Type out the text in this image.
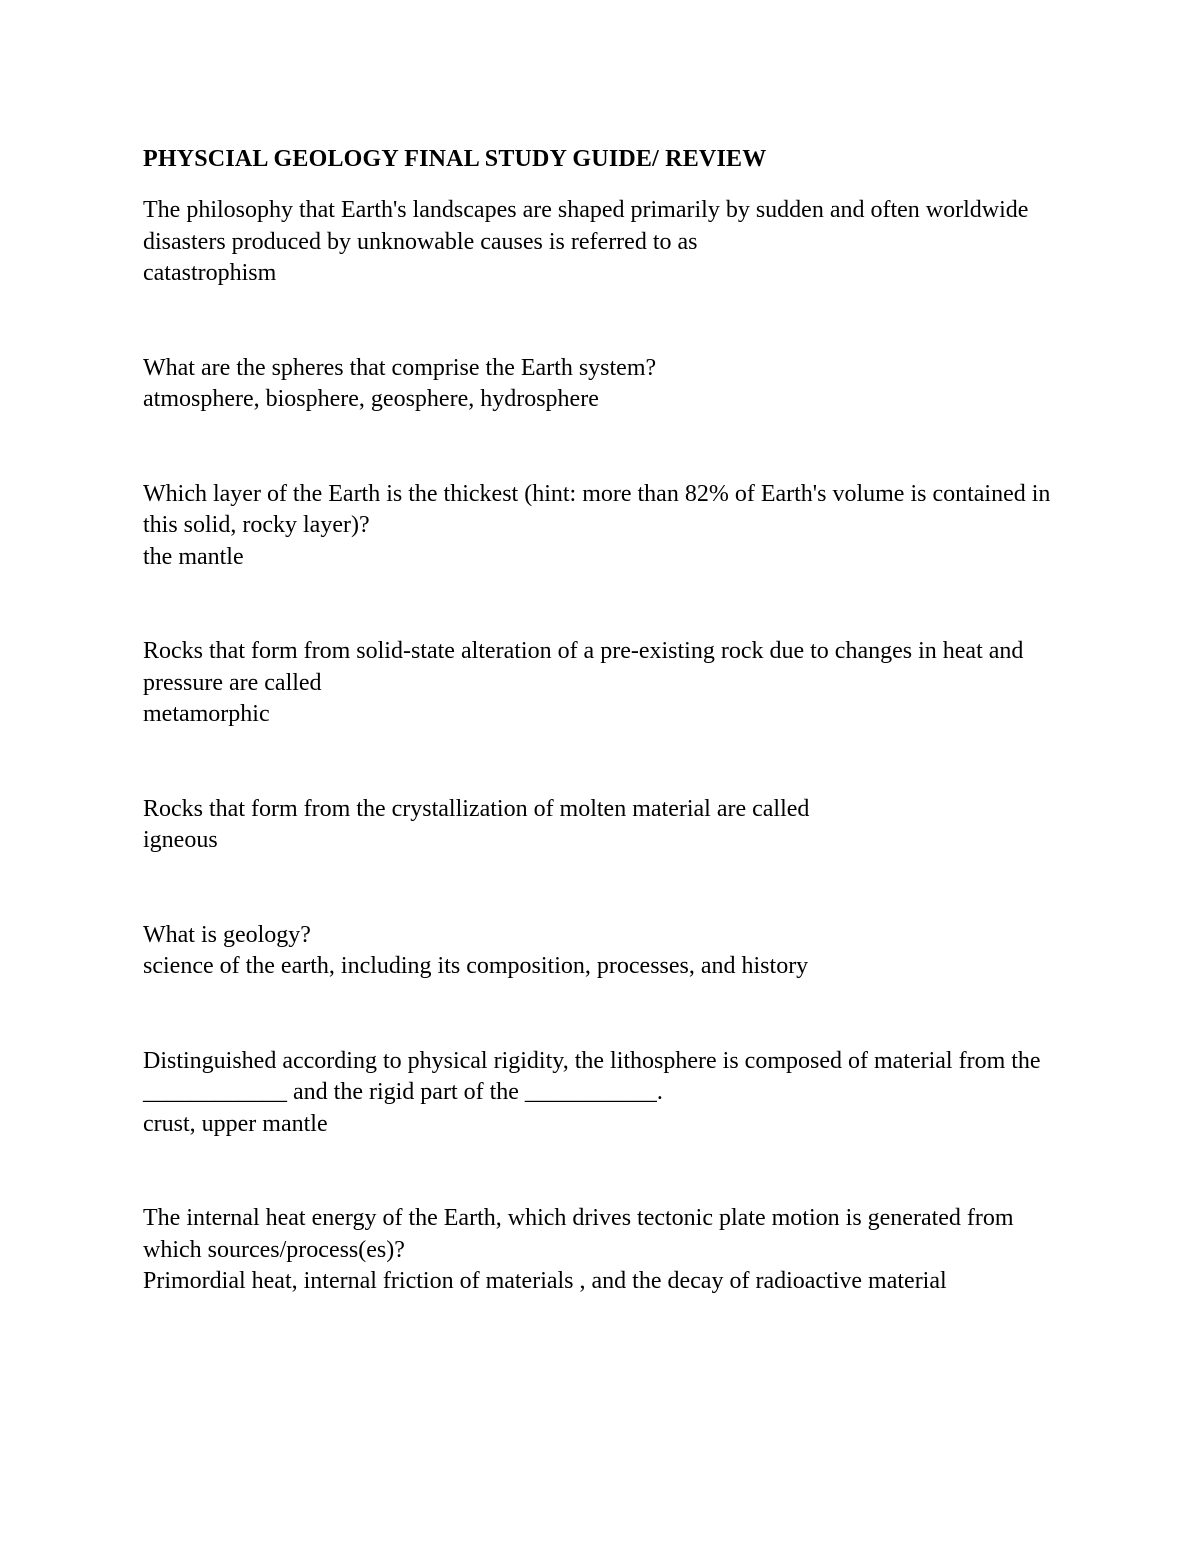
PHYSCIAL GEOLOGY FINAL STUDY GUIDE/ REVIEW

The philosophy that Earth's landscapes are shaped primarily by sudden and often worldwide disasters produced by unknowable causes is referred to as

catastrophism

What are the spheres that comprise the Earth system?

atmosphere, biosphere, geosphere, hydrosphere

Which layer of the Earth is the thickest (hint: more than 82% of Earth's volume is contained in this solid, rocky layer)?

the mantle

Rocks that form from solid-state alteration of a pre-existing rock due to changes in heat and pressure are called

metamorphic

Rocks that form from the crystallization of molten material are called

igneous

What is geology?

science of the earth, including its composition, processes, and history

Distinguished according to physical rigidity, the lithosphere is composed of material from the ____________ and the rigid part of the ___________.

crust, upper mantle

The internal heat energy of the Earth, which drives tectonic plate motion is generated from which sources/process(es)?

Primordial heat, internal friction of materials , and the decay of radioactive material
